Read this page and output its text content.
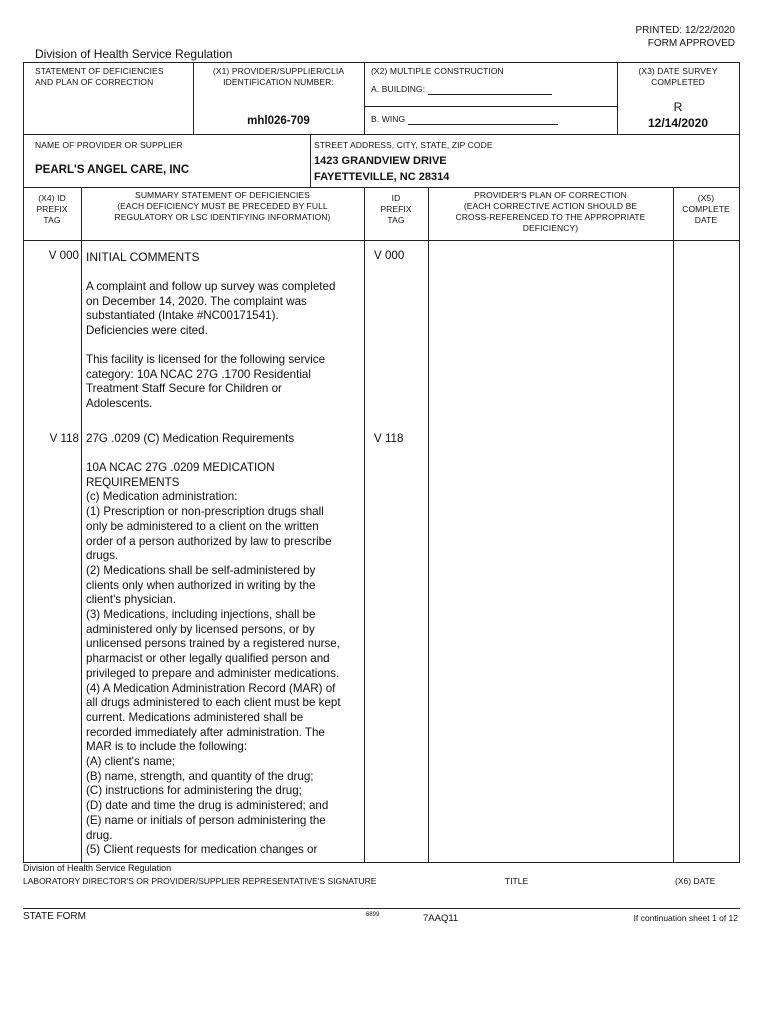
PRINTED: 12/22/2020
FORM APPROVED
Division of Health Service Regulation
STATEMENT OF DEFICIENCIES
AND PLAN OF CORRECTION
(X1) PROVIDER/SUPPLIER/CLIA
IDENTIFICATION NUMBER:
mhl026-709
(X2) MULTIPLE CONSTRUCTION
A. BUILDING:
B. WING
(X3) DATE SURVEY
COMPLETED
R
12/14/2020
NAME OF PROVIDER OR SUPPLIER
PEARL'S ANGEL CARE, INC
STREET ADDRESS, CITY, STATE, ZIP CODE
1423 GRANDVIEW DRIVE
FAYETTEVILLE, NC 28314
(X4) ID
PREFIX
TAG
SUMMARY STATEMENT OF DEFICIENCIES
(EACH DEFICIENCY MUST BE PRECEDED BY FULL
REGULATORY OR LSC IDENTIFYING INFORMATION)
ID
PREFIX
TAG
PROVIDER'S PLAN OF CORRECTION
(EACH CORRECTIVE ACTION SHOULD BE
CROSS-REFERENCED TO THE APPROPRIATE
DEFICIENCY)
(X5)
COMPLETE
DATE
V 000	V 000
INITIAL COMMENTS
A complaint and follow up survey was completed
on December 14, 2020. The complaint was
substantiated (Intake #NC00171541).
Deficiencies were cited.
This facility is licensed for the following service
category: 10A NCAC 27G .1700 Residential
Treatment Staff Secure for Children or
Adolescents.
V 118	V 118
27G .0209 (C) Medication Requirements
10A NCAC 27G .0209 MEDICATION
REQUIREMENTS
(c) Medication administration:
(1) Prescription or non-prescription drugs shall
only be administered to a client on the written
order of a person authorized by law to prescribe
drugs.
(2) Medications shall be self-administered by
clients only when authorized in writing by the
client's physician.
(3) Medications, including injections, shall be
administered only by licensed persons, or by
unlicensed persons trained by a registered nurse,
pharmacist or other legally qualified person and
privileged to prepare and administer medications.
(4) A Medication Administration Record (MAR) of
all drugs administered to each client must be kept
current. Medications administered shall be
recorded immediately after administration. The
MAR is to include the following:
(A) client's name;
(B) name, strength, and quantity of the drug;
(C) instructions for administering the drug;
(D) date and time the drug is administered; and
(E) name or initials of person administering the
drug.
(5) Client requests for medication changes or
Division of Health Service Regulation
LABORATORY DIRECTOR'S OR PROVIDER/SUPPLIER REPRESENTATIVE'S SIGNATURE	TITLE	(X6) DATE
STATE FORM	6899	7AAQ11	If continuation sheet 1 of 12
